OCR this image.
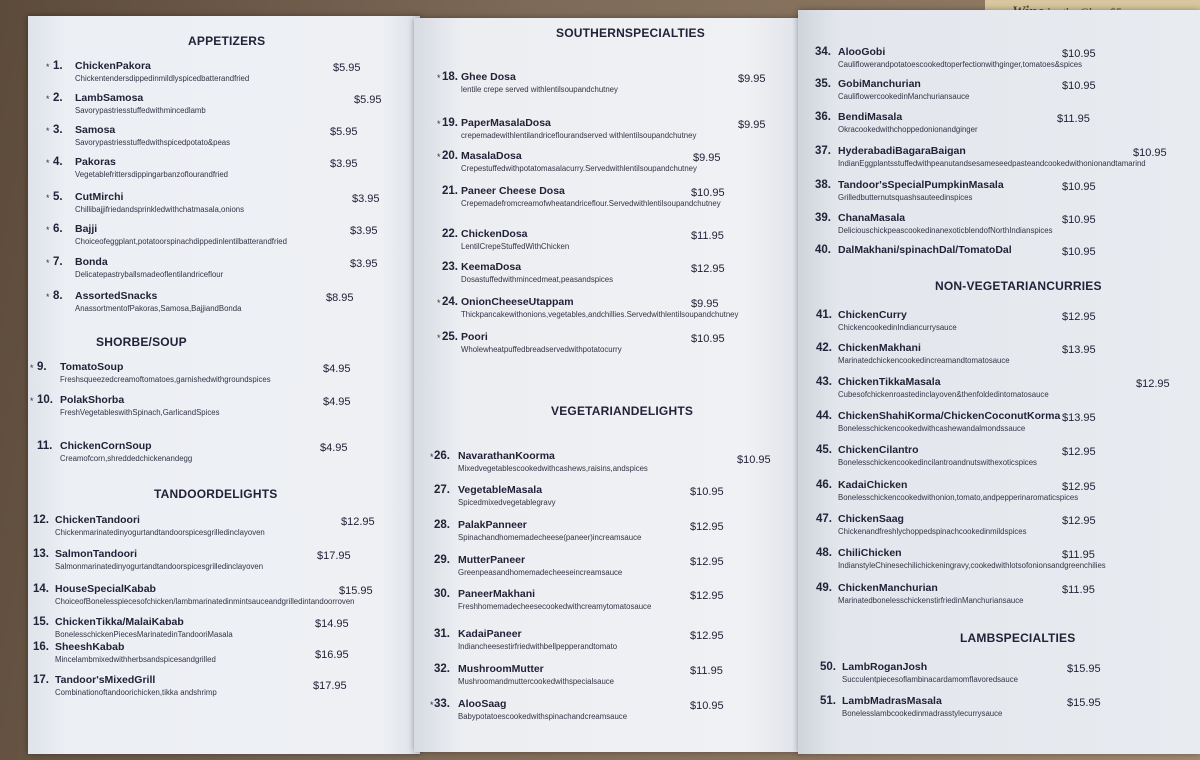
APPETIZERS
* 1. ChickenPakora
Chickentendersdippedinmildlyspicedbatterandfried
$5.95
* 2. LambSamosa
Savorypastriesstuffedwithmincedlamb
$5.95
* 3. Samosa
Savorypastriesstuffedwithspicedpotato&peas
$5.95
* 4. Pakoras
Vegetablefrittersdippingarbanzoflourandfried
$3.95
* 5. CutMirchi
Chillibajjifriedandsprinkledwithchatmasala,onions
$3.95
* 6. Bajji
Choiceofeggplant,potatoorspinachdippedinlentilbatterandfried
$3.95
* 7. Bonda
Delicatepastryballsmadeoflentilandriceflour
$3.95
* 8. AssortedSnacks
AnassortmentofPakoras,Samosa,BajjiandBonda
$8.95
SHORBE/SOUP
* 9. TomatoSoup
Freshsqueezedcreamoftomatoes,garnishedwithgroundspices
$4.95
* 10. PolakShorba
FreshVegetableswithSpinach,GarlicandSpices
$4.95
11. ChickenCornSoup
Creamofcorn,shreddedchickenandegg
$4.95
TANDOORDELIGHTS
12. ChickenTandoori
Chickenmarinatedinyogurtandtandoorspicesgrilledinclayoven
$12.95
13. SalmonTandoori
Salmonmarinatedinyogurtandtandoorspicesgrilledinclayoven
$17.95
14. HouseSpecialKabab
ChoiceofBonelesspiecesofchicken/lambmarinatedinmintsauceandgrilledintandoorroven
$15.95
15. ChickenTikka/MalaiKabab
BonelesschickenPiecesMarinatedinTandooriMasala
$14.95
16. SheeshKabab
Mincelambmixedwithherbsandspicesandgrilled	$16.95
17. Tandoor'sMixedGrill
Combinationoftandoorichicken,tikka andshrimp
$17.95
SOUTHERNSPECIALTIES
* 18. Ghee Dosa
lentile crepe served withlentilsoupandchutney
$9.95
* 19. PaperMasalaDosa
crepemadewithlentilandriceflourandserved withlentilsoupandchutney
$9.95
* 20. MasalaDosa
Crepestuffedwithpotatomasalacurry.Servedwithlentilsoupandchutney
$9.95
21. Paneer Cheese Dosa
Crepemadefromcreamofwheatandriceflour.Servedwithlentilsoupandchutney
$10.95
22. ChickenDosa
LentilCrepeStuffedWithChicken
$11.95
23. KeemaDosa
Dosastuffedwithmincedmeat,peasandspices
$12.95
* 24. OnionCheeseUtappam
Thickpancakewithonions,vegetables,andchillies.Servedwithlentilsoupandchutney
$9.95
* 25. Poori
Wholewheatpuffedbreadservedwithpotatocurry
$10.95
VEGETARIANDELIGHTS
* 26. NavarathanKoorma
Mixedvegetablescookedwithcashews,raisins,andspices
$10.95
27. VegetableMasala
Spicedmixedvegetablegravy
$10.95
28. PalakPanneer
Spinachandhomemadecheese(paneer)increamsauce
$12.95
29. MutterPaneer
Greenpeasandhomemadecheeseincreamsauce
$12.95
30. PaneerMakhani
Freshhomemadecheesecookedwithcreamytomatosauce
$12.95
31. KadaiPaneer
Indiancheesestirfriedwithbellpepperandtomato
$12.95
32. MushroomMutter
Mushroomandmuttercookedwithspecialsauce
$11.95
* 33. AlooSaag
Babypotatoescookedwithspinachandcreamsauce
$10.95
34. AlooGobi
Cauliflowerandpotatoescookedtoperfectionwithginger,tomatoes&spices
$10.95
35. GobiManchurian
CauliflowercookedinManchuriansauce
$10.95
36. BendiMasala
Okracookedwithchoppedonionandginger
$11.95
37. HyderabadiBagaraBaigan
IndianEggplantsstuffedwithpeanutandsesameseedpasteandcookedwithonionandtamarind
$10.95
38. Tandoor'sSpecialPumpkinMasala
Grilledbutternutsquashsauteedinspices
$10.95
39. ChanaMasala
DeliciouschickpeascookedinanexoticblendofNorthIndianspices
$10.95
40. DalMakhani/spinachDal/TomatoDal	$10.95
NON-VEGETARIANCURRIES
41. ChickenCurry
ChickencookedinIndiancurrysauce
$12.95
42. ChickenMakhani
Marinatedchickencookedincreamandtomatosauce
$13.95
43. ChickenTikkaMasala
Cubesofchickenroastedinclayoven&thenfoldedintomatosauce
$12.95
44. ChickenShahiKorma/ChickenCoconutKorma
Bonelesschickencookedwithcashewandalmondssauce
$13.95
45. ChickenCilantro
Bonelesschickencookedincilantroandnutswithexoticspices
$12.95
46. KadaiChicken
Bonelesschickencookedwithonion,tomato,andpepperinaromaticspices
$12.95
47. ChickenSaag
Chickenandfreshlychoppedspinachcookedinmildspices
$12.95
48. ChiliChicken
IndianstyleChinesechilichickeningravy,cookedwithlotsofonionsandgreenchilies
$11.95
49. ChickenManchurian
MarinatedbonelesschickenstirfriedinManchuriansauce
$11.95
LAMBSPECIALTIES
50. LambRoganJosh
Succulentpiecesoflambinacardamomflavoredsauce
$15.95
51. LambMadrasMasala
Bonelesslambcookedinmadrasstylecurrysauce
$15.95
